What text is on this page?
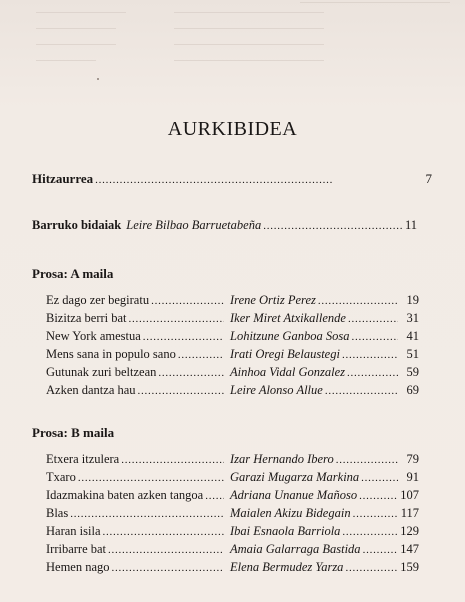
AURKIBIDEA
Hitzaurrea . . .	7
Barruko bidaiak Leire Bilbao Barruetabeña . . .	11
Prosa: A maila
Ez dago zer begiratu . . .	Irene Ortiz Perez . . .	19
Bizitza berri bat . . .	Iker Miret Atxikallende . . .	31
New York amestua . . .	Lohitzune Ganboa Sosa . . .	41
Mens sana in populo sano . . .	Irati Oregi Belaustegi . . .	51
Gutunak zuri beltzean . . .	Ainhoa Vidal Gonzalez . . .	59
Azken dantza hau . . .	Leire Alonso Allue . . .	69
Prosa: B maila
Etxera itzulera . . .	Izar Hernando Ibero . . .	79
Txaro . . .	Garazi Mugarza Markina . . .	91
Idazmakina baten azken tangoa . . . Adriana Unanue Mañoso . . .	107
Blas . . .	Maialen Akizu Bidegain . . .	117
Haran isila . . .	Ibai Esnaola Barriola . . .	129
Irribarre bat . . .	Amaia Galarraga Bastida . . .	147
Hemen nago . . .	Elena Bermudez Yarza . . .	159
